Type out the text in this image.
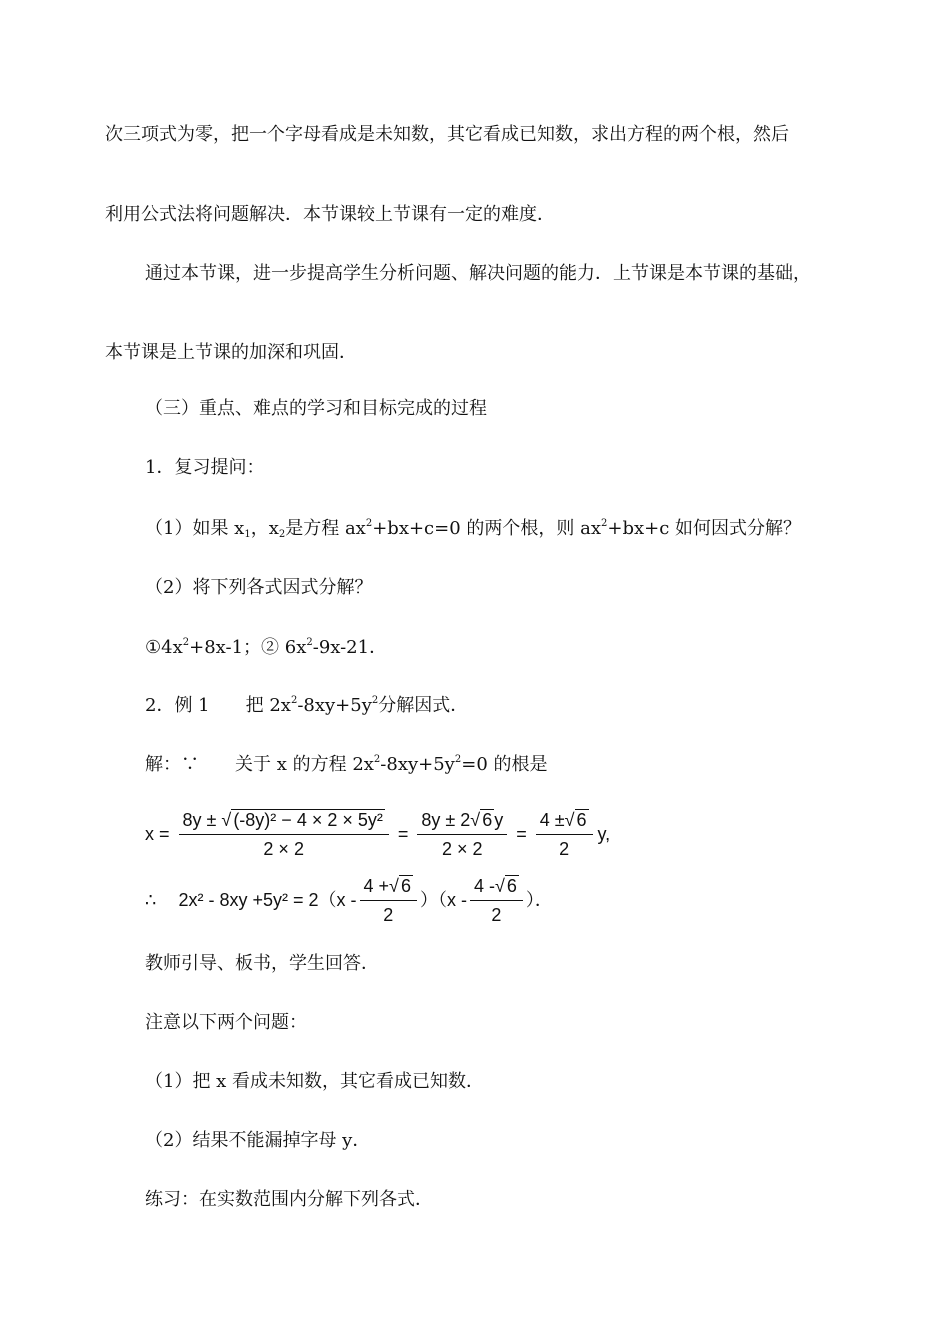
次三项式为零，把一个字母看成是未知数，其它看成已知数，求出方程的两个根，然后
利用公式法将问题解决．本节课较上节课有一定的难度．
通过本节课，进一步提高学生分析问题、解决问题的能力．上节课是本节课的基础，
本节课是上节课的加深和巩固．
（三）重点、难点的学习和目标完成的过程
1．复习提问：
（1）如果 $x_1$，$x_2$是方程 $ax^2+bx+c=0$ 的两个根，则 $ax^2+bx+c$ 如何因式分解？
（2）将下列各式因式分解？
$①4x^2+8x-1$；② $6x^2-9x-21$．
2．例 1　　把 $2x^2-8xy+5y^2$分解因式．
解：∵　　关于 x 的方程 $2x^2-8xy+5y^2=0$ 的根是
$x = \frac{\text{8y ± √ (-8y)² − 4 × 2 × 5y²}}{2 \times 2} = \frac{8y \pm 2√ 6 y}{2 \times 2} = \frac{4 \pm√ 6}{2} y$,
∴ $2x^2 - 8xy +5y^2 = 2(x - \frac{4 +√ 6}{2} )(x - \frac{4 -√ 6}{2}$ ）．
教师引导、板书，学生回答．
注意以下两个问题：
（1）把 x 看成未知数，其它看成已知数．
（2）结果不能漏掉字母 y．
练习：在实数范围内分解下列各式．
